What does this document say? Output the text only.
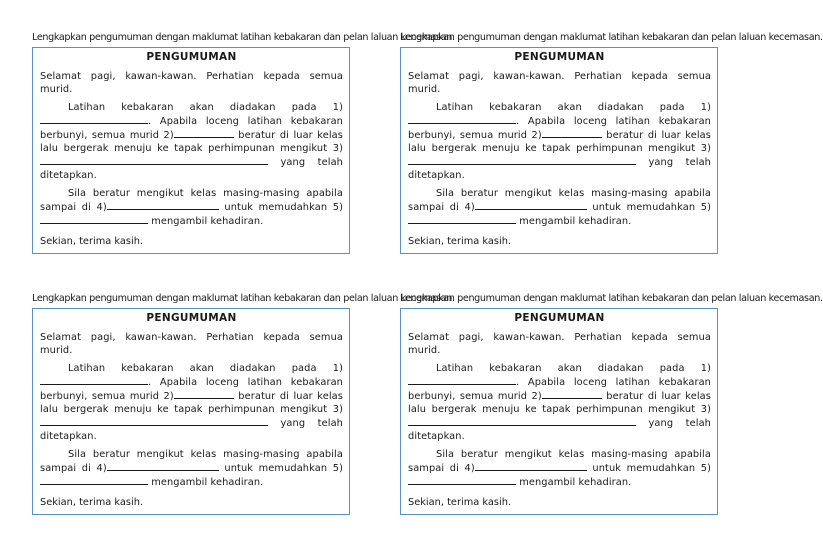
Lengkapkan pengumuman dengan maklumat latihan kebakaran dan pelan laluan kecemasan.

PENGUMUMAN

Selamat pagi, kawan-kawan. Perhatian kepada semua murid.

Latihan kebakaran akan diadakan pada 1). Apabila loceng latihan kebakaran berbunyi, semua murid 2)	beratur di luar kelas lalu bergerak menuju ke tapak perhimpunan mengikut 3) yang telah ditetapkan.

Sila beratur mengikut kelas masing-masing apabila sampai di 4)	untuk memudahkan 5) mengambil kehadiran.

Sekian, terima kasih.

Lengkapkan pengumuman dengan maklumat latihan kebakaran dan pelan laluan kecemasan.

PENGUMUMAN

Selamat pagi, kawan-kawan. Perhatian kepada semua murid.

Latihan kebakaran akan diadakan pada 1). Apabila loceng latihan kebakaran berbunyi, semua murid 2)	beratur di luar kelas lalu bergerak menuju ke tapak perhimpunan mengikut 3) yang telah ditetapkan.

Sila beratur mengikut kelas masing-masing apabila sampai di 4)	untuk memudahkan 5) mengambil kehadiran.

Sekian, terima kasih.

Lengkapkan pengumuman dengan maklumat latihan kebakaran dan pelan laluan kecemasan.

PENGUMUMAN

Selamat pagi, kawan-kawan. Perhatian kepada semua murid.

Latihan kebakaran akan diadakan pada 1). Apabila loceng latihan kebakaran berbunyi, semua murid 2)	beratur di luar kelas lalu bergerak menuju ke tapak perhimpunan mengikut 3) yang telah ditetapkan.

Sila beratur mengikut kelas masing-masing apabila sampai di 4)	untuk memudahkan 5) mengambil kehadiran.

Sekian, terima kasih.

Lengkapkan pengumuman dengan maklumat latihan kebakaran dan pelan laluan kecemasan.

PENGUMUMAN

Selamat pagi, kawan-kawan. Perhatian kepada semua murid.

Latihan kebakaran akan diadakan pada 1). Apabila loceng latihan kebakaran berbunyi, semua murid 2)	beratur di luar kelas lalu bergerak menuju ke tapak perhimpunan mengikut 3) yang telah ditetapkan.

Sila beratur mengikut kelas masing-masing apabila sampai di 4)	untuk memudahkan 5) mengambil kehadiran.

Sekian, terima kasih.
